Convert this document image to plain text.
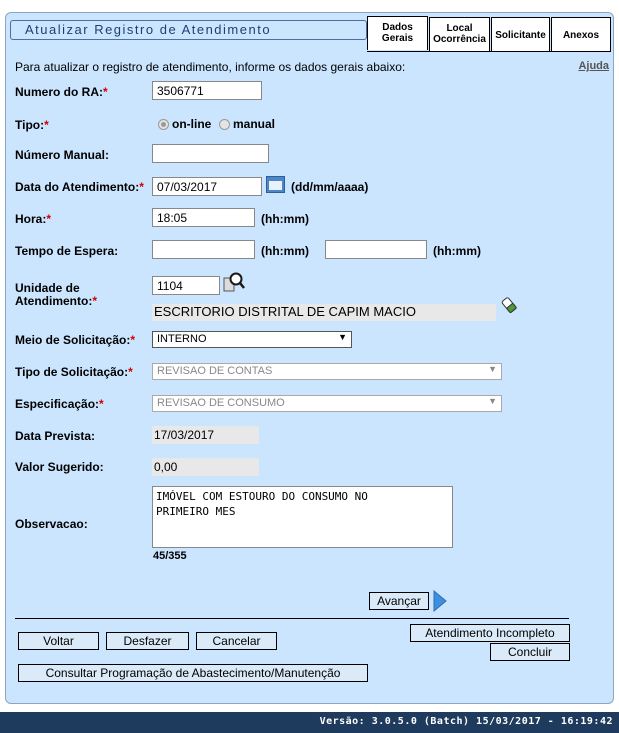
Atualizar Registro de Atendimento	Dados
Gerais
Local
Ocorrência Solicitante	Anexos
Para atualizar o registro de atendimento, informe os dados gerais abaixo:	Ajuda
Numero do RA:*
3506771
Tipo:*	on-line	manual
Número Manual:
Data do Atendimento:*
07/03/2017	(dd/mm/aaaa)
Hora:*
18:05	(hh:mm)
Tempo de Espera:	(hh:mm)	(hh:mm)
Unidade de
Atendimento:*
1104
ESCRITORIO DISTRITAL DE CAPIM MACIO
Meio de Solicitação:*	INTERNO	▼
Tipo de Solicitação:*	REVISAO DE CONTAS	▼
Especificação:*	REVISAO DE CONSUMO	▼
Data Prevista:	17/03/2017
Valor Sugerido:	0,00
Observacao:
IMÓVEL COM ESTOURO DO CONSUMO NO
PRIMEIRO MES
45/355
Avançar
Voltar	Desfazer	Cancelar
Atendimento Incompleto
Concluir
Consultar Programação de Abastecimento/Manutenção
Versão: 3.0.5.0 (Batch) 15/03/2017 - 16:19:42
